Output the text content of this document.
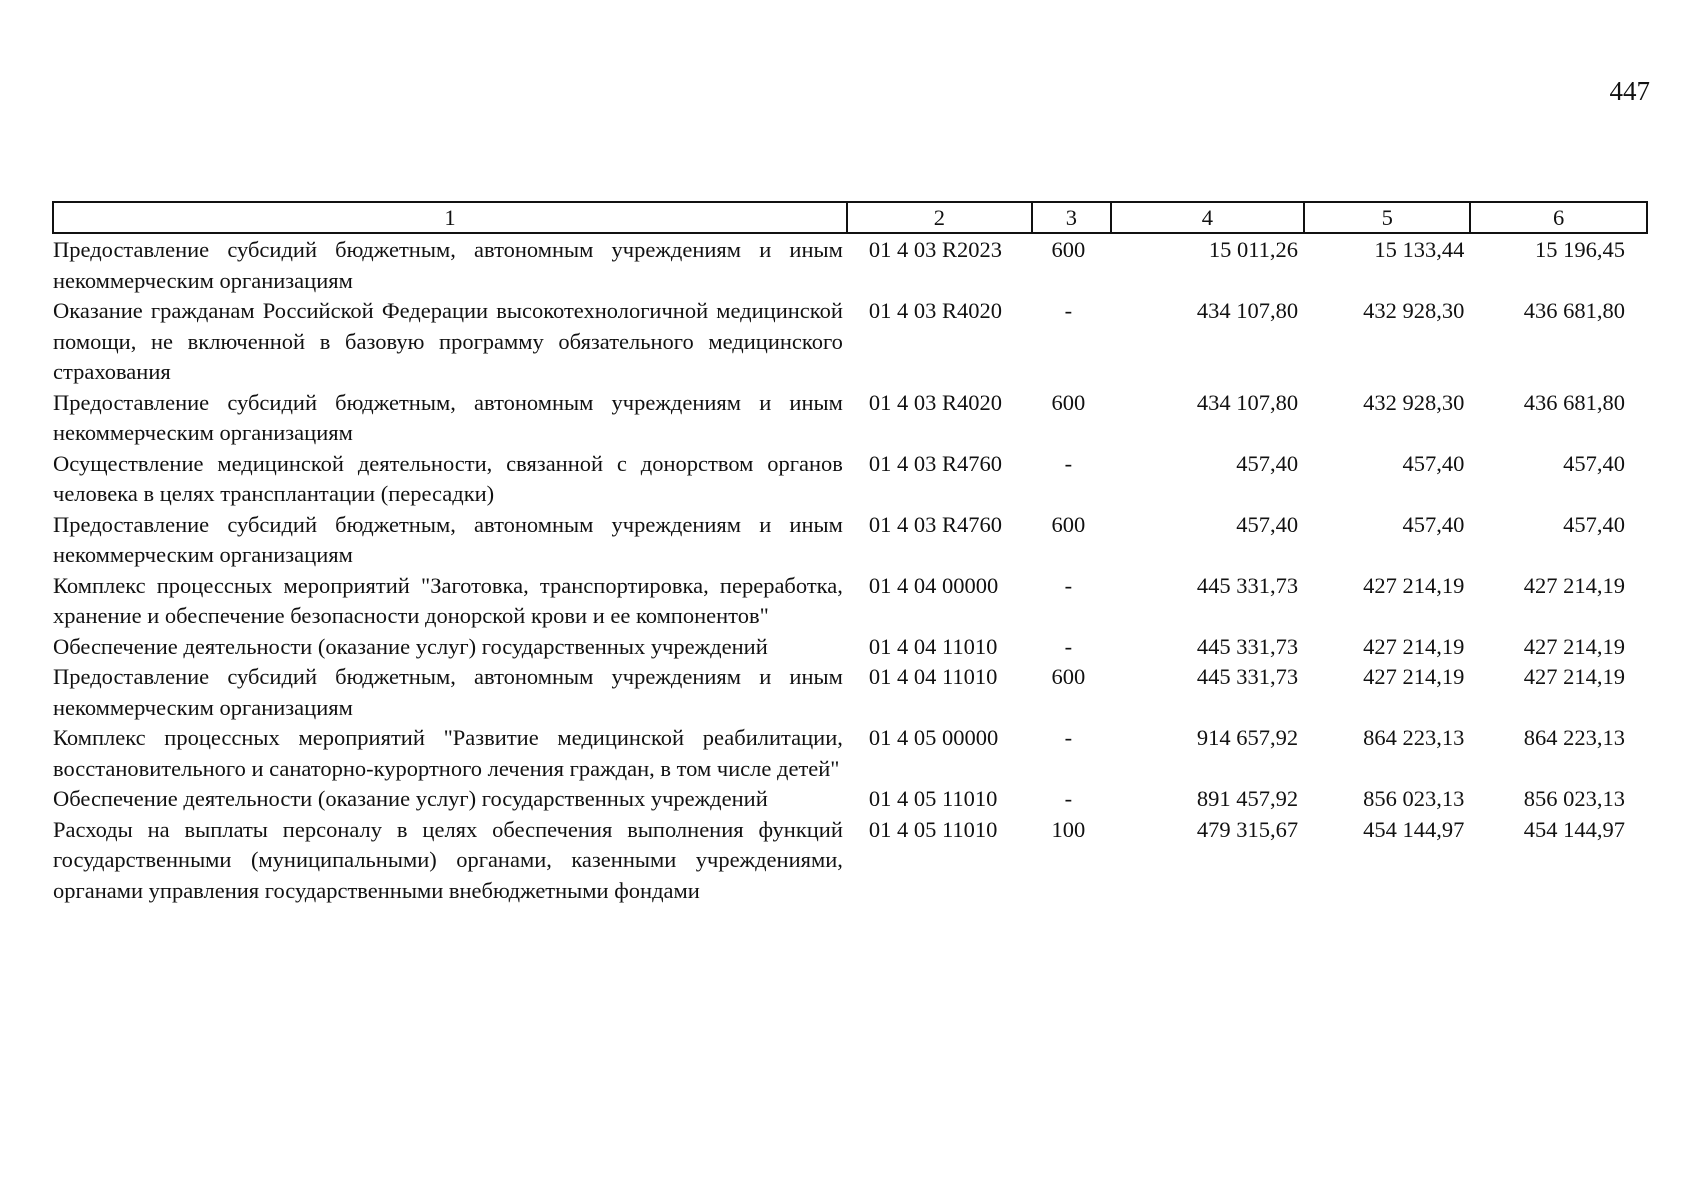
447
1	2	3	4	5	6
Предоставление субсидий бюджетным, автономным учреждениям и иным некоммерческим организациям	01 4 03 R2023	600	15 011,26	15 133,44	15 196,45
Оказание гражданам Российской Федерации высокотехнологичной медицинской помощи, не включенной в базовую программу обязательного медицинского страхования	01 4 03 R4020	-	434 107,80	432 928,30	436 681,80
Предоставление субсидий бюджетным, автономным учреждениям и иным некоммерческим организациям	01 4 03 R4020	600	434 107,80	432 928,30	436 681,80
Осуществление медицинской деятельности, связанной с донорством органов человека в целях трансплантации (пересадки)	01 4 03 R4760	-	457,40	457,40	457,40
Предоставление субсидий бюджетным, автономным учреждениям и иным некоммерческим организациям	01 4 03 R4760	600	457,40	457,40	457,40
Комплекс процессных мероприятий "Заготовка, транспортировка, переработка, хранение и обеспечение безопасности донорской крови и ее компонентов"	01 4 04 00000	-	445 331,73	427 214,19	427 214,19
Обеспечение деятельности (оказание услуг) государственных учреждений	01 4 04 11010	-	445 331,73	427 214,19	427 214,19
Предоставление субсидий бюджетным, автономным учреждениям и иным некоммерческим организациям	01 4 04 11010	600	445 331,73	427 214,19	427 214,19
Комплекс процессных мероприятий "Развитие медицинской реабилитации, восстановительного и санаторно-курортного лечения граждан, в том числе детей"	01 4 05 00000	-	914 657,92	864 223,13	864 223,13
Обеспечение деятельности (оказание услуг) государственных учреждений	01 4 05 11010	-	891 457,92	856 023,13	856 023,13
Расходы на выплаты персоналу в целях обеспечения выполнения функций государственными (муниципальными) органами, казенными учреждениями, органами управления государственными внебюджетными фондами	01 4 05 11010	100	479 315,67	454 144,97	454 144,97
